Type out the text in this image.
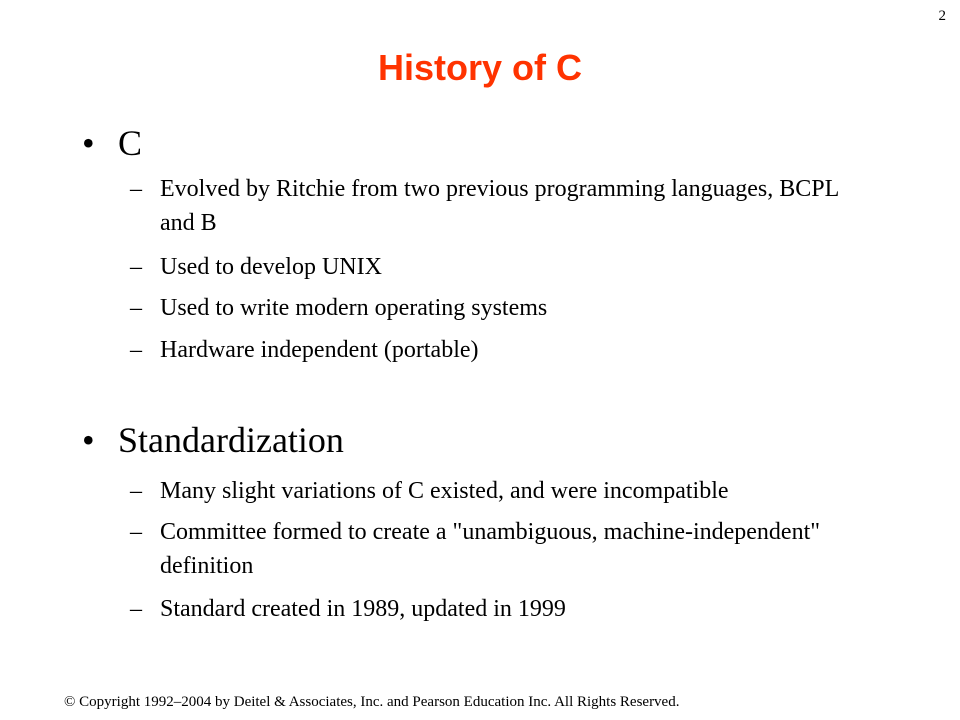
2
History of C
• C
– Evolved by Ritchie from two previous programming languages, BCPL and B
– Used to develop UNIX
– Used to write modern operating systems
– Hardware independent (portable)
• Standardization
– Many slight variations of C existed, and were incompatible
– Committee formed to create a "unambiguous, machine-independent" definition
– Standard created in 1989, updated in 1999
© Copyright 1992–2004 by Deitel & Associates, Inc. and Pearson Education Inc. All Rights Reserved.
